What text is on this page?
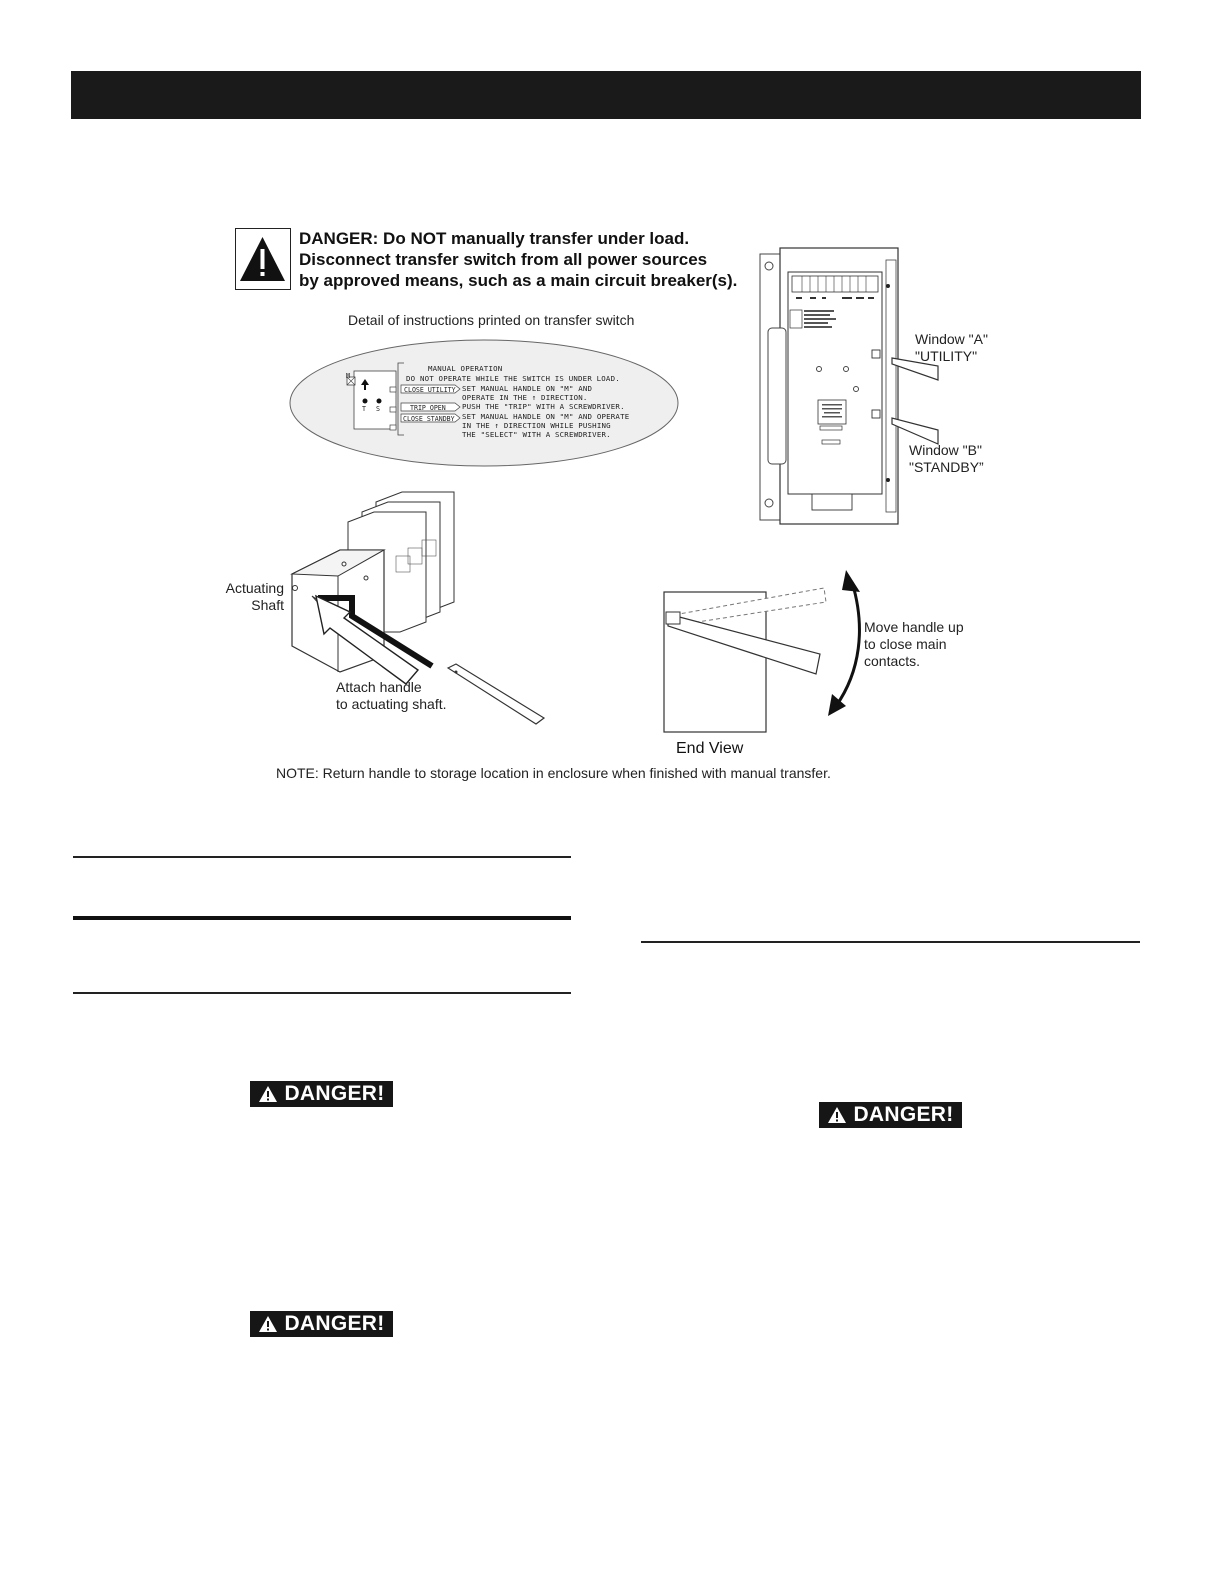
DANGER: Do NOT manually transfer under load.
Disconnect transfer switch from all power sources
by approved means, such as a main circuit breaker(s).
Detail of instructions printed on transfer switch
MANUAL OPERATION
DO NOT OPERATE WHILE THE SWITCH IS UNDER LOAD.
SET MANUAL HANDLE ON "M" AND
OPERATE IN THE ↑ DIRECTION.
PUSH THE "TRIP" WITH A SCREWDRIVER.
SET MANUAL HANDLE ON "M" AND OPERATE
IN THE ↑ DIRECTION WHILE PUSHING
THE "SELECT" WITH A SCREWDRIVER.
CLOSE UTILITY
TRIP OPEN
CLOSE STANDBY
M
T S
Window "A"
"UTILITY"
Window "B"
"STANDBY”
Actuating
Shaft
Attach handle
to actuating shaft.
Move handle up
to close main
contacts.
End View
NOTE: Return handle to storage location in enclosure when finished with manual transfer.
DANGER!
DANGER!
DANGER!
